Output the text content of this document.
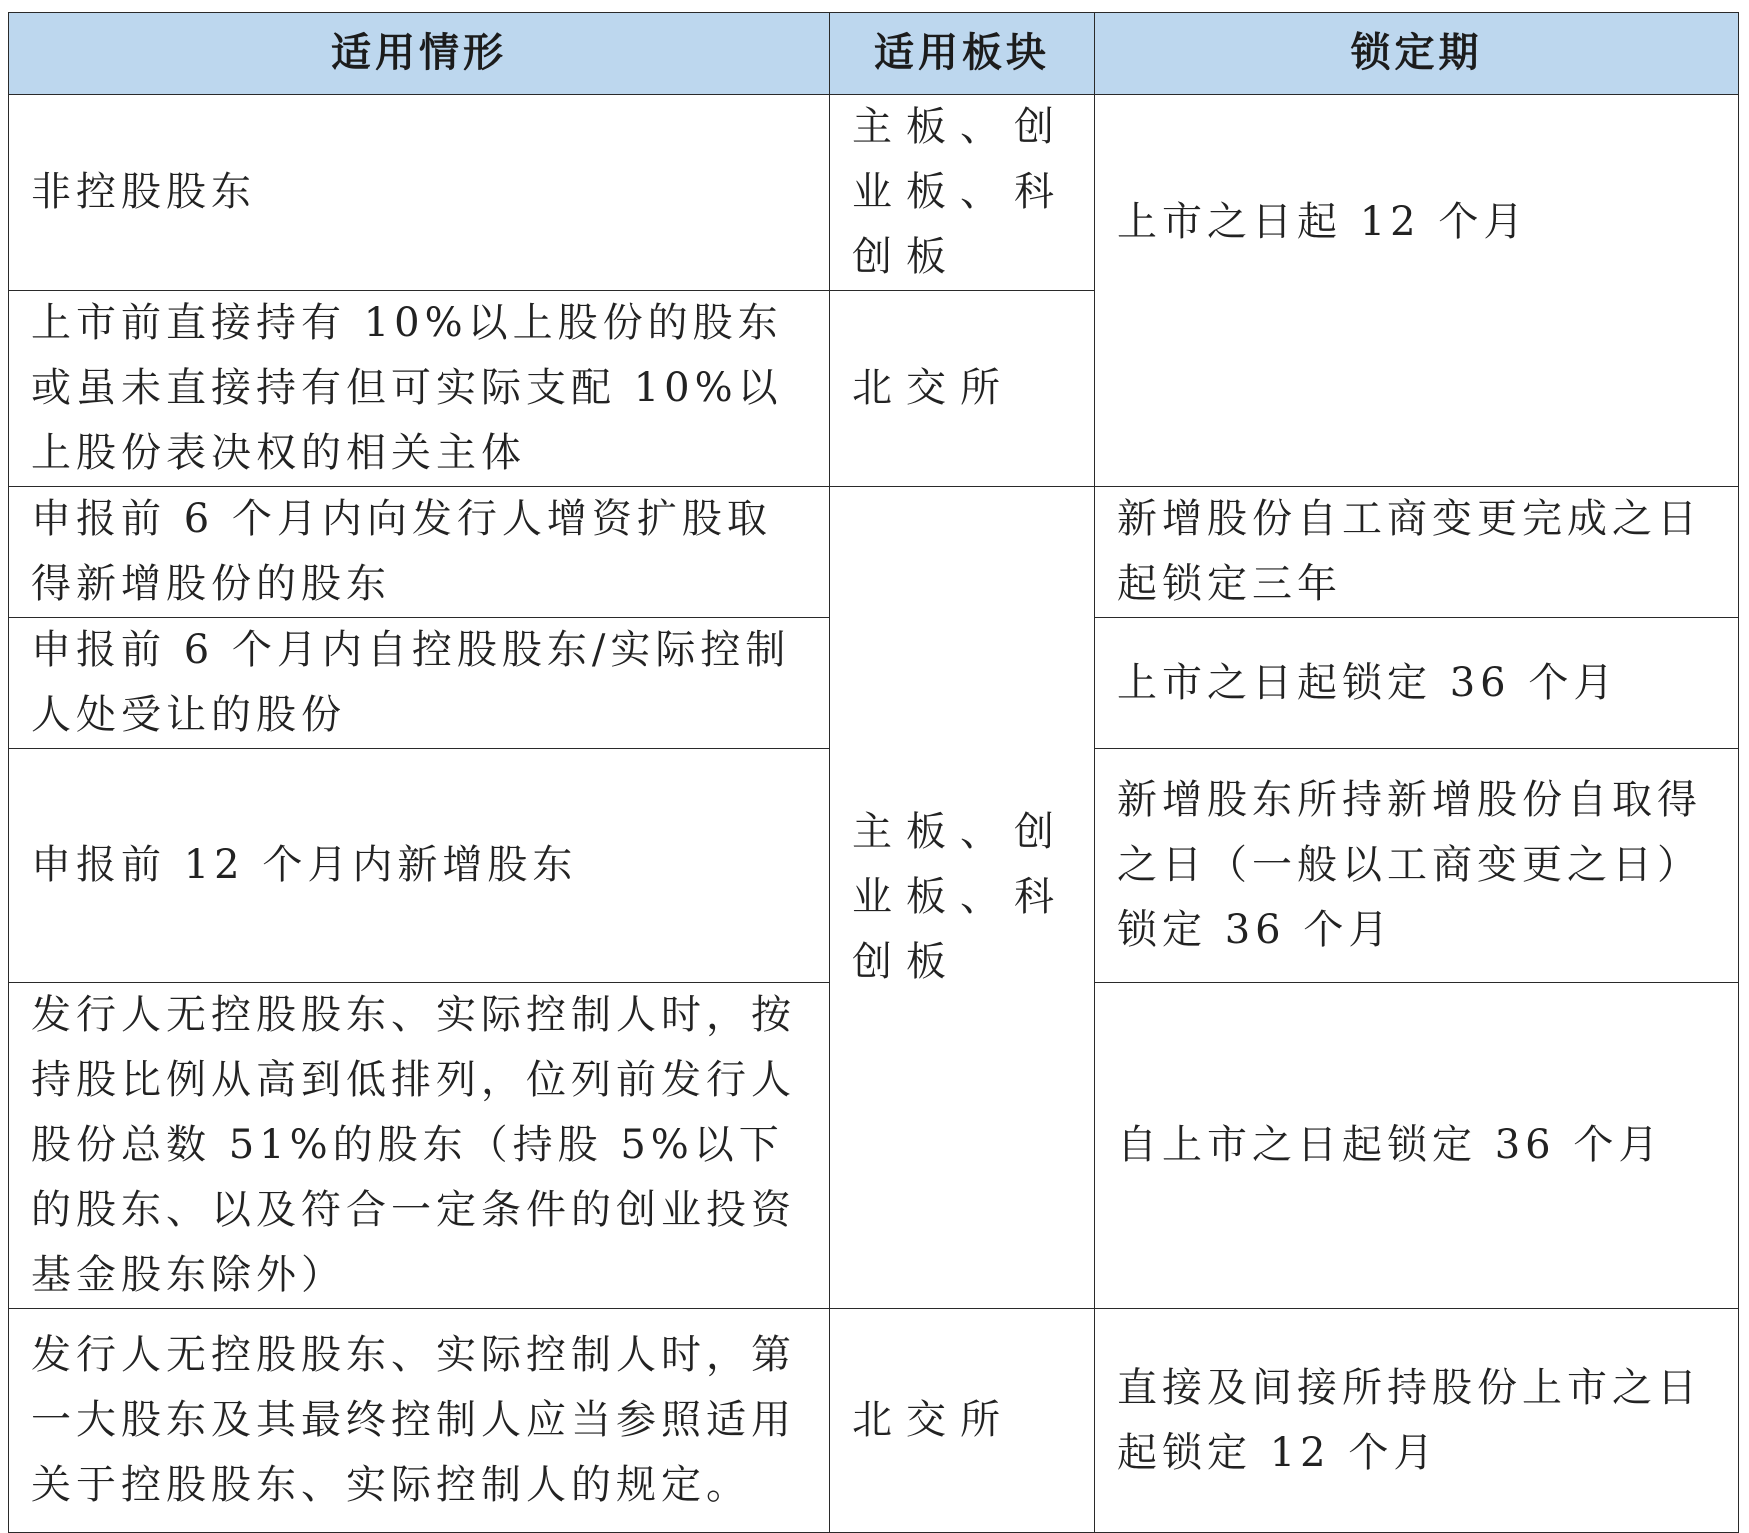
适用情形	适用板块	锁定期
非控股股东	主板、创业板、科创板	上市之日起 12 个月
上市前直接持有 10%以上股份的股东或虽未直接持有但可实际支配 10%以上股份表决权的相关主体	北交所	
申报前 6 个月内向发行人增资扩股取得新增股份的股东	主板、创业板、科创板	新增股份自工商变更完成之日起锁定三年
申报前 6 个月内自控股股东/实际控制人处受让的股份		上市之日起锁定 36 个月
申报前 12 个月内新增股东		新增股东所持新增股份自取得之日（一般以工商变更之日）锁定 36 个月
发行人无控股股东、实际控制人时，按持股比例从高到低排列，位列前发行人股份总数 51%的股东（持股 5%以下的股东、以及符合一定条件的创业投资基金股东除外）		自上市之日起锁定 36 个月
发行人无控股股东、实际控制人时，第一大股东及其最终控制人应当参照适用关于控股股东、实际控制人的规定。	北交所	直接及间接所持股份上市之日起锁定 12 个月
